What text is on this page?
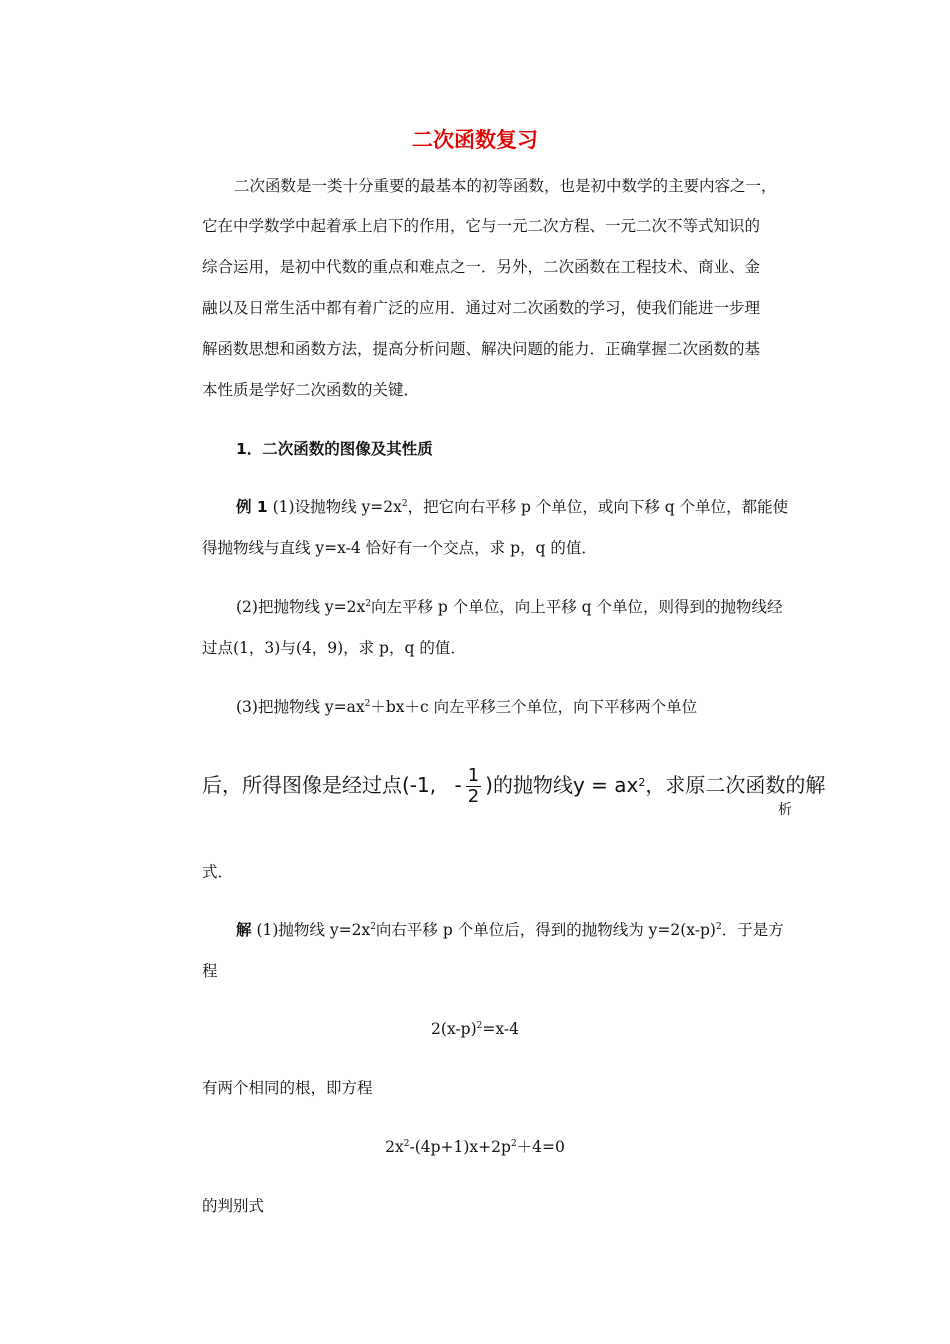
二次函数复习
二次函数是一类十分重要的最基本的初等函数，也是初中数学的主要内容之一，
它在中学数学中起着承上启下的作用，它与一元二次方程、一元二次不等式知识的
综合运用，是初中代数的重点和难点之一．另外，二次函数在工程技术、商业、金
融以及日常生活中都有着广泛的应用．通过对二次函数的学习，使我们能进一步理
解函数思想和函数方法，提高分析问题、解决问题的能力．正确掌握二次函数的基
本性质是学好二次函数的关键．
1．二次函数的图像及其性质
例 1 (1)设抛物线 $y=2x^2$，把它向右平移 p 个单位，或向下移 q 个单位，都能使
得抛物线与直线 y=x-4 恰好有一个交点，求 p，q 的值．
(2)把抛物线 $y=2x^2$向左平移 p 个单位，向上平移 q 个单位，则得到的抛物线经
过点(1，3)与(4，9)，求 p，q 的值．
(3)把抛物线 $y=ax^2+bx+c$ 向左平移三个单位，向下平移两个单位
后，所得图像是经过点(-1, - $\frac{1}{2}$ )的抛物线$y = ax^2$，求原二次函数的解
析
式．
解 (1)抛物线 $y=2x^2$向右平移 p 个单位后，得到的抛物线为 $y=2(x-p)^2$．于是方
程
$2(x-p)^2=x-4$
有两个相同的根，即方程
$2x^2-(4p+1)x+2p^2+4=0$
的判别式
